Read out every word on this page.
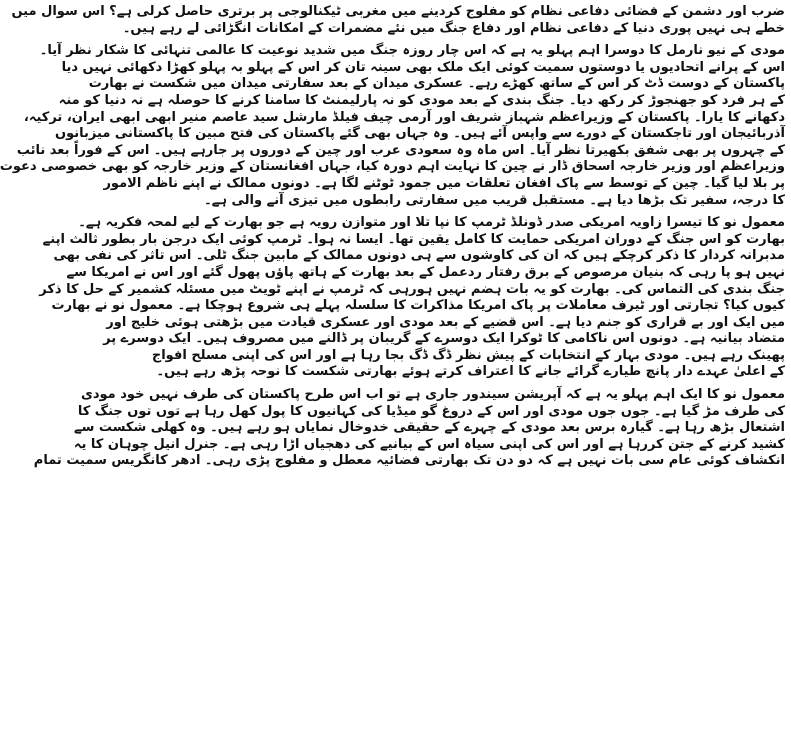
ضرب اور دشمن کے فضائی دفاعی نظام کو مفلوج کردینے میں مغربی ٹیکنالوجی پر برتری حاصل کرلی ہے؟ اس سوال میں
خطے ہی نہیں پوری دنیا کے دفاعی نظام اور دفاع جنگ میں نئے مضمرات کے امکانات انگڑائی لے رہے ہیں۔

مودی کے نیو نارمل کا دوسرا اہم پہلو یہ ہے کہ اس چار روزہ جنگ میں شدید نوعیت کا عالمی تنہائی کا شکار نظر آیا۔
اس کے پرانے اتحادیوں یا دوستوں سمیت کوئی ایک ملک بھی سینہ تان کر اس کے پہلو بہ پہلو کھڑا دکھائی نہیں دیا
پاکستان کے دوست ڈٹ کر اس کے ساتھ کھڑے رہے۔ عسکری میدان کے بعد سفارتی میدان میں شکست نے بھارت
کے ہر فرد کو جھنجوڑ کر رکھ دیا۔ جنگ بندی کے بعد مودی کو نہ پارلیمنٹ کا سامنا کرنے کا حوصلہ ہے نہ دنیا کو منہ
دکھانے کا یارا۔ پاکستان کے وزیراعظم شہباز شریف اور آرمی چیف فیلڈ مارشل سید عاصم منیر ابھی ابھی ایران، ترکیہ،
آذربائیجان اور تاجکستان کے دورے سے واپس آئے ہیں۔ وہ جہاں بھی گئے پاکستان کی فتح مبین کا پاکستانی میزبانوں
کے چہروں پر بھی شفق بکھیرتا نظر آیا۔ اس ماہ وہ سعودی عرب اور چین کے دوروں پر جارہے ہیں۔ اس کے فوراً بعد نائب
وزیراعظم اور وزیر خارجہ اسحاق ڈار نے چین کا نہایت اہم دورہ کیا، جہاں افغانستان کے وزیر خارجہ کو بھی خصوصی دعوت
پر بلا لیا گیا۔ چین کے توسط سے پاک افغان تعلقات میں جمود ٹوٹنے لگا ہے۔ دونوں ممالک نے اپنے ناظم الامور
کا درجہ، سفیر تک بڑھا دیا ہے۔ مستقبل قریب میں سفارتی رابطوں میں تیزی آنے والی ہے۔

معمول نو کا تیسرا زاویہ امریکی صدر ڈونلڈ ٹرمپ کا نپا تلا اور متوازن رویہ ہے جو بھارت کے لیے لمحہ فکریہ ہے۔
بھارت کو اس جنگ کے دوران امریکی حمایت کا کامل یقین تھا۔ ایسا نہ ہوا۔ ٹرمپ کوئی ایک درجن بار بطور ثالث اپنے
مدبرانہ کردار کا ذکر کرچکے ہیں کہ ان کی کاوشوں سے ہی دونوں ممالک کے مابین جنگ ٹلی۔ اس تاثر کی نفی بھی
نہیں ہو پا رہی کہ بنیان مرصوص کے برق رفتار ردعمل کے بعد بھارت کے ہاتھ پاؤں پھول گئے اور اس نے امریکا سے
جنگ بندی کی التماس کی۔ بھارت کو یہ بات ہضم نہیں ہورہی کہ ٹرمپ نے اپنے ٹویٹ میں مسئلہ کشمیر کے حل کا ذکر
کیوں کیا؟ تجارتی اور ٹیرف معاملات پر پاک امریکا مذاکرات کا سلسلہ پہلے ہی شروع ہوچکا ہے۔ معمول نو نے بھارت
میں ایک اور بے قراری کو جنم دیا ہے۔ اس قضیے کے بعد مودی اور عسکری قیادت میں بڑھتی ہوئی خلیج اور
متضاد بیانیہ ہے۔ دونوں اس ناکامی کا ٹوکرا ایک دوسرے کے گریبان پر ڈالنے میں مصروف ہیں۔ ایک دوسرے پر
پھینک رہے ہیں۔ مودی بہار کے انتخابات کے پیش نظر ڈگ ڈگ بجا رہا ہے اور اس کی اپنی مسلح افواج
کے اعلیٰ عہدے دار پانچ طیارے گرائے جانے کا اعتراف کرتے ہوئے بھارتی شکست کا نوحہ پڑھ رہے ہیں۔

معمول نو کا ایک اہم پہلو یہ ہے کہ آپریشن سیندور جاری ہے تو اب اس طرح پاکستان کی طرف نہیں خود مودی
کی طرف مڑ گیا ہے۔ جوں جوں مودی اور اس کے دروغ گو میڈیا کی کہانیوں کا پول کھل رہا ہے توں توں جنگ کا
اشتعال بڑھ رہا ہے۔ گیارہ برس بعد مودی کے چہرے کے حقیقی خدوخال نمایاں ہو رہے ہیں۔ وہ کھلی شکست سے
کشید کرنے کے جتن کررہا ہے اور اس کی اپنی سیاہ اس کے بیانیے کی دھجیاں اڑا رہی ہے۔ جنرل انیل چوہان کا یہ
انکشاف کوئی عام سی بات نہیں ہے کہ دو دن تک بھارتی فضائیہ معطل و مفلوج پڑی رہی۔ ادھر کانگریس سمیت تمام
